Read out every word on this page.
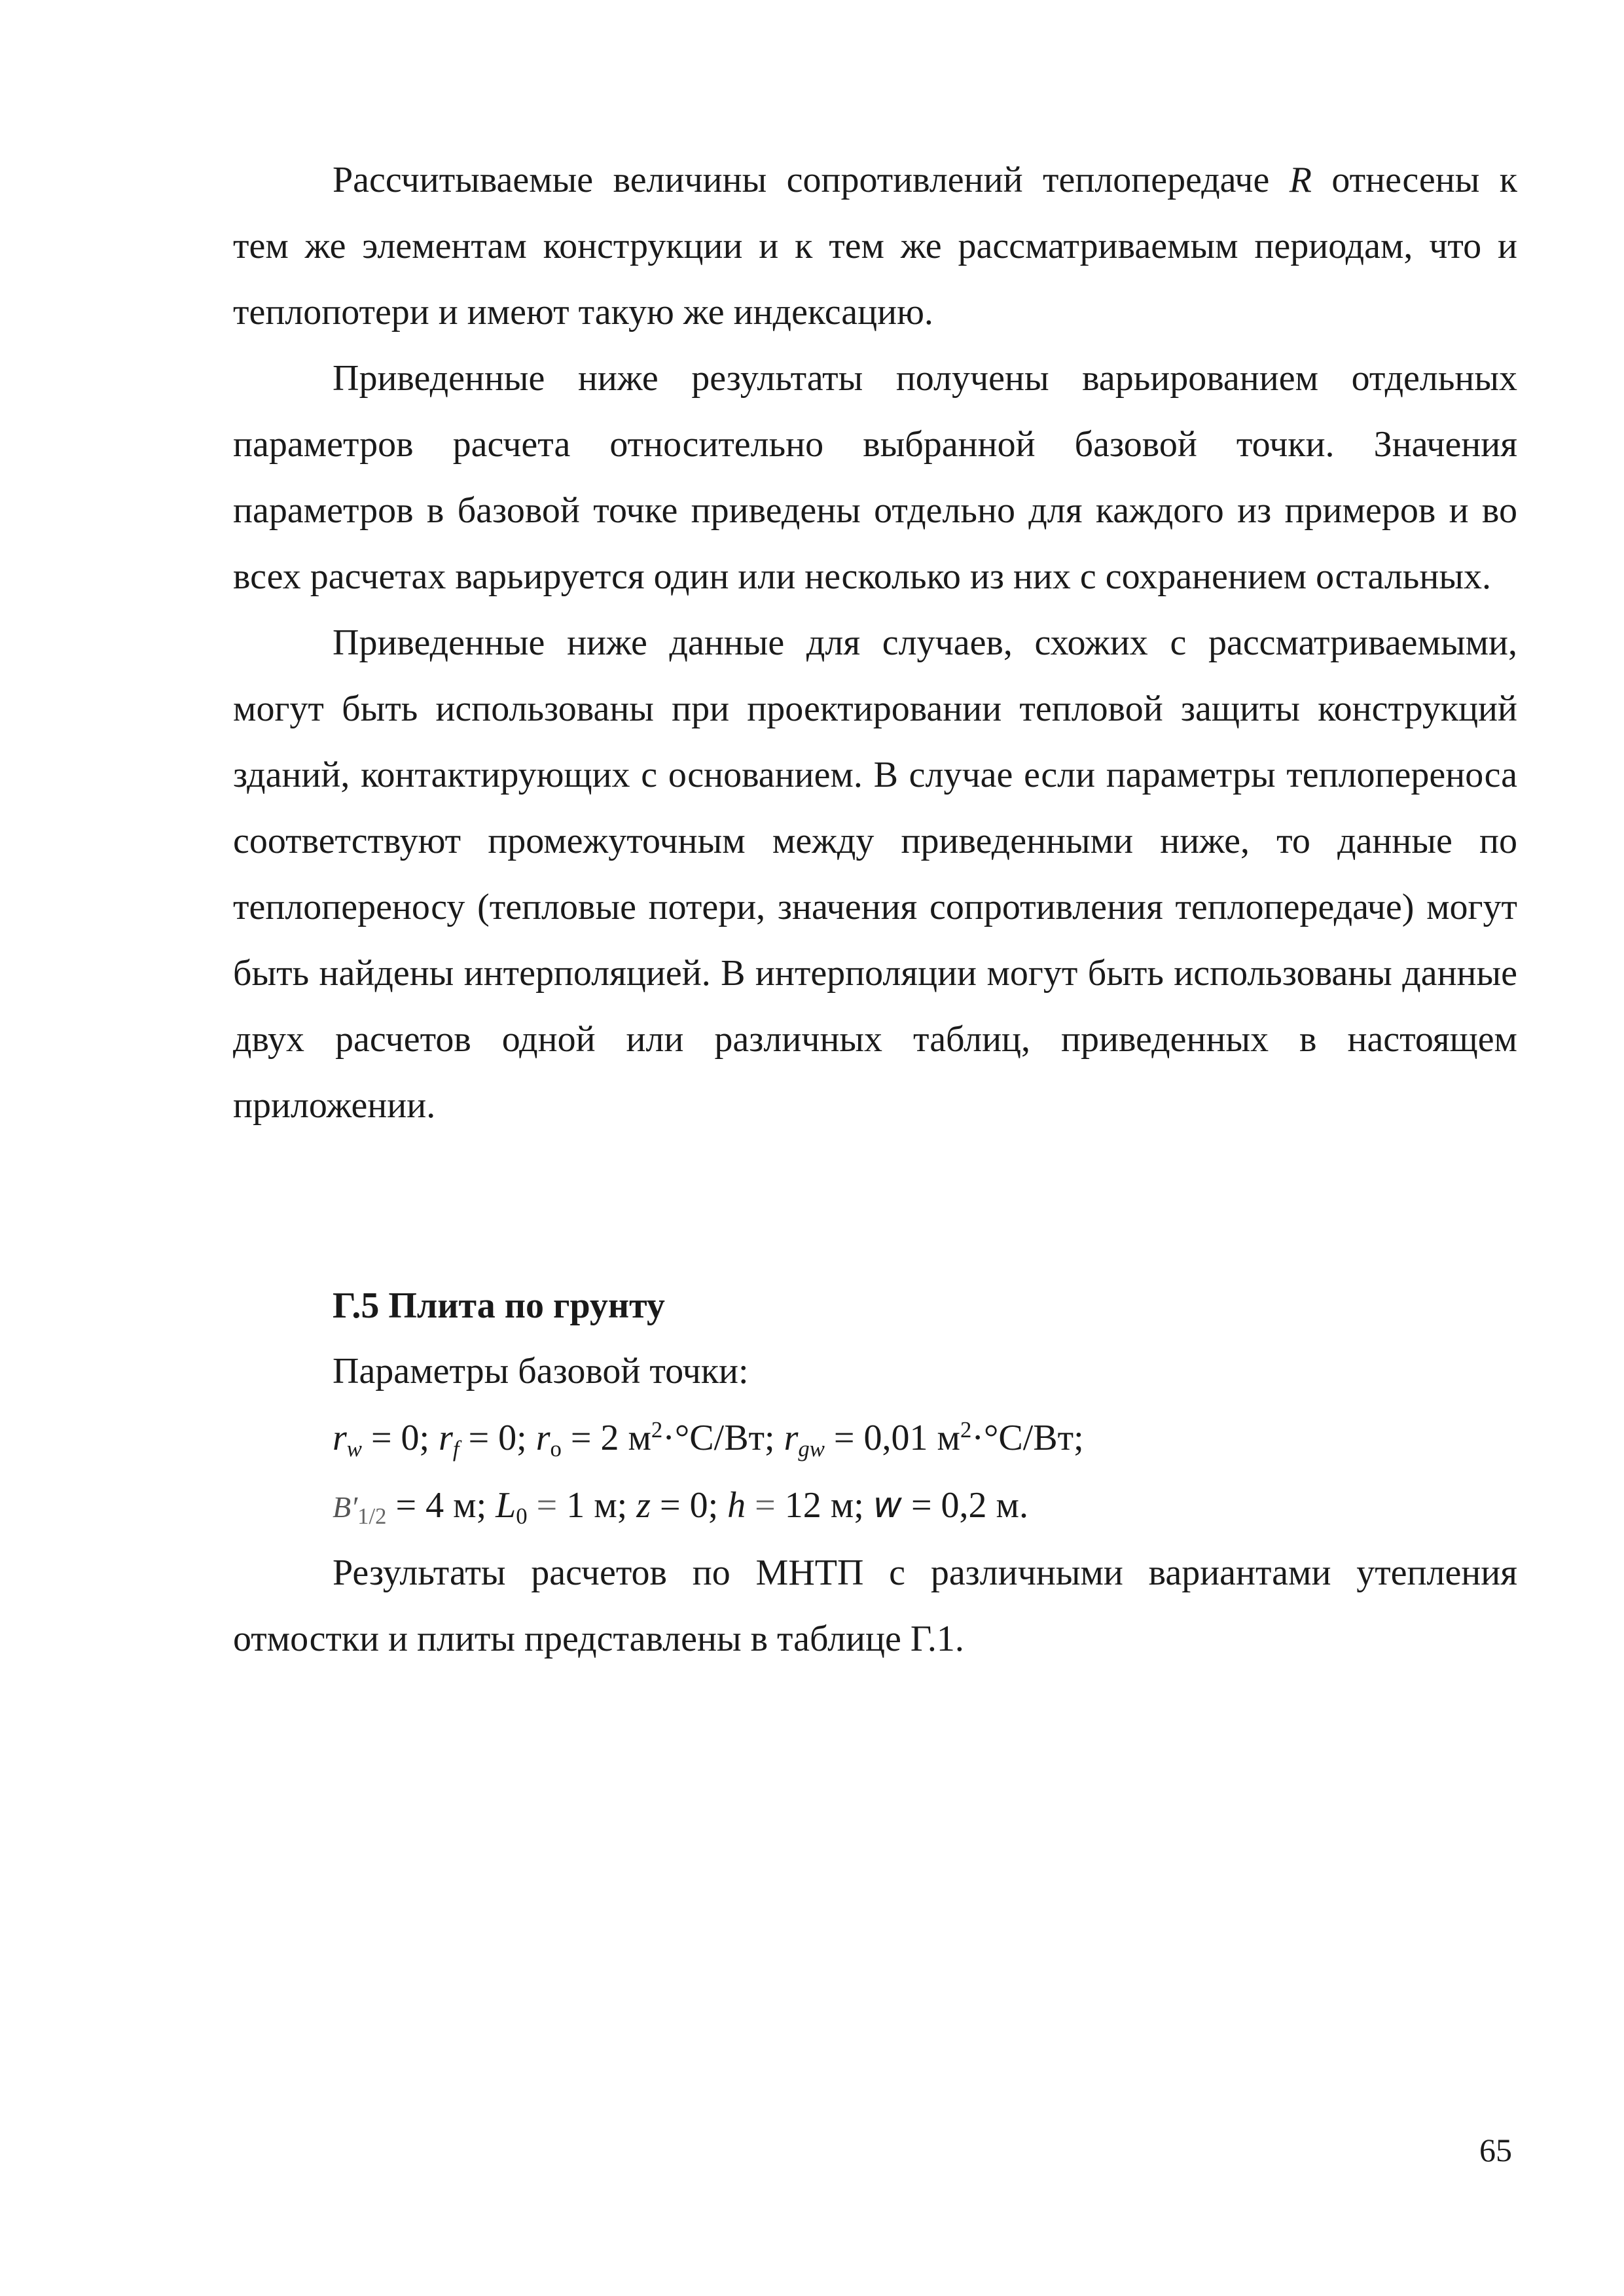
Рассчитываемые величины сопротивлений теплопередаче R отнесены к тем же элементам конструкции и к тем же рассматриваемым периодам, что и теплопотери и имеют такую же индексацию.

Приведенные ниже результаты получены варьированием отдельных параметров расчета относительно выбранной базовой точки. Значения параметров в базовой точке приведены отдельно для каждого из примеров и во всех расчетах варьируется один или несколько из них с сохранением остальных.

Приведенные ниже данные для случаев, схожих с рассматриваемыми, могут быть использованы при проектировании тепловой защиты конструкций зданий, контактирующих с основанием. В случае если параметры теплопереноса соответствуют промежуточным между приведенными ниже, то данные по теплопереносу (тепловые потери, значения сопротивления теплопередаче) могут быть найдены интерполяцией. В интерполяции могут быть использованы данные двух расчетов одной или различных таблиц, приведенных в настоящем приложении.

Г.5 Плита по грунту

Параметры базовой точки:

$r_w = 0$; $r_f = 0$; $r_o = 2$ $м^2\cdot^\circ С/Вт$; $r_{gw} = 0,01$ $м^2\cdot^\circ С/Вт$;

$B'_{1/2} = 4$ м; $L_0 = 1$ м; z = 0; h = 12 м; w = 0,2 м.

Результаты расчетов по МНТП с различными вариантами утепления отмостки и плиты представлены в таблице Г.1.

65
